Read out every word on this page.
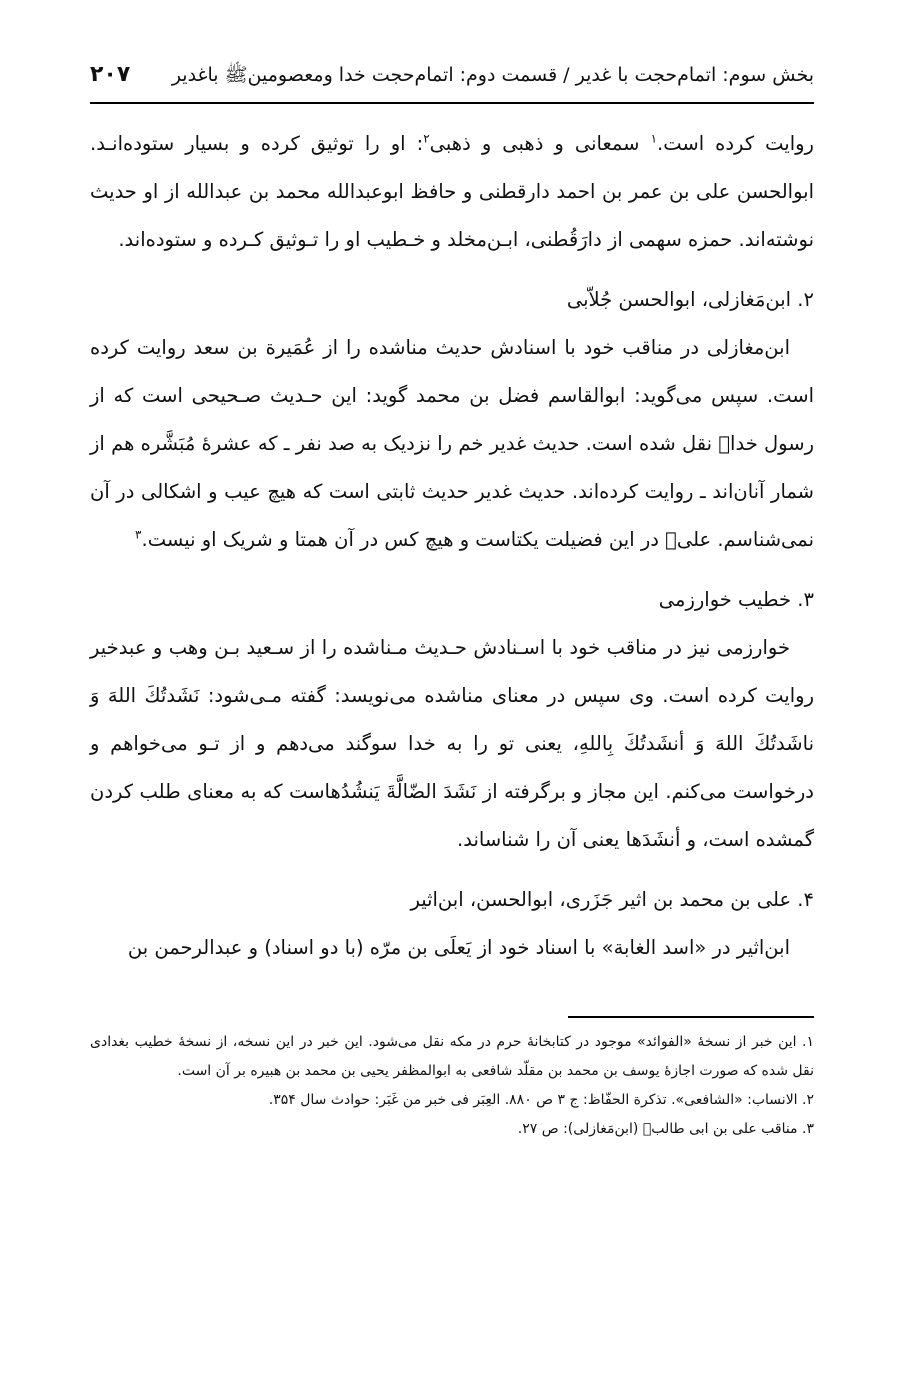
بخش سوم: اتمام‌حجت با غدیر / قسمت دوم: اتمام‌حجت خدا ومعصومینﷺ باغدیر
۲۰۷

روایت کرده است.$^۱$ سمعانی و ذهبی و ذهبی$^۲$: او را توثیق کرده و بسیار ستوده‌انـد. ابوالحسن علی بن عمر بن احمد دارقطنی و حافظ ابوعبدالله محمد بن عبدالله از او حدیث نوشته‌اند. حمزه سهمی از دارَقُطنی، ابـن‌مخلد و خـطیب او را تـوثیق کـرده و ستوده‌اند.

۲. ابن‌مَغازلی، ابوالحسن جُلاّبی

ابن‌مغازلی در مناقب خود با اسنادش حدیث مناشده را از عُمَیرة بن سعد روایت کرده است. سپس می‌گوید: ابوالقاسم فضل بن محمد گوید: این حـدیث صـحیحی است که از رسول خداﷺ نقل شده است. حدیث غدیر خم را نزدیک به صد نفر ـ که عشرهٔ مُبَشَّره هم از شمار آنان‌اند ـ روایت کرده‌اند. حدیث غدیر حدیث ثابتی است که هیچ عیب و اشکالی در آن نمی‌شناسم. علیؑ در این فضیلت یکتاست و هیچ کس در آن همتا و شریک او نیست.$^۳$

۳. خطیب خوارزمی

خوارزمی نیز در مناقب خود با اسـنادش حـدیث مـناشده را از سـعید بـن وهب و عبدخیر روایت کرده است. وی سپس در معنای مناشده می‌نویسد: گفته مـی‌شود: نَشَدتُكَ اللهَ وَ ناشَدتُكَ اللهَ وَ أنشَدتُكَ بِاللهِ، یعنی تو را به خدا سوگند می‌دهم و از تـو می‌خواهم و درخواست می‌کنم. این مجاز و برگرفته از نَشَدَ الضّالَّةَ یَنشُدُهاست که به معنای طلب کردن گمشده است، و أنشَدَها یعنی آن را شناساند.

۴. علی بن محمد بن اثیر جَزَری، ابوالحسن، ابن‌اثیر

ابن‌اثیر در «اسد الغابة» با اسناد خود از یَعلَی بن مرّه (با دو اسناد) و عبدالرحمن بن

۱. این خبر از نسخهٔ «الفوائد» موجود در کتابخانهٔ حرم در مکه نقل می‌شود. این خبر در این نسخه، از نسخهٔ خطیب بغدادی نقل شده که صورت اجازهٔ یوسف بن محمد بن مقلّد شافعی به ابوالمظفر یحیی بن محمد بن هبیره بر آن است.

۲. الانساب: «الشافعی». تذکرة الحفّاظ: ج ۳ ص ۸۸۰. العِبَر فی خبر من غَبَر: حوادث سال ۳۵۴.

۳. مناقب علی بن ابی طالبؑ (ابن‌مَغازلی): ص ۲۷.
